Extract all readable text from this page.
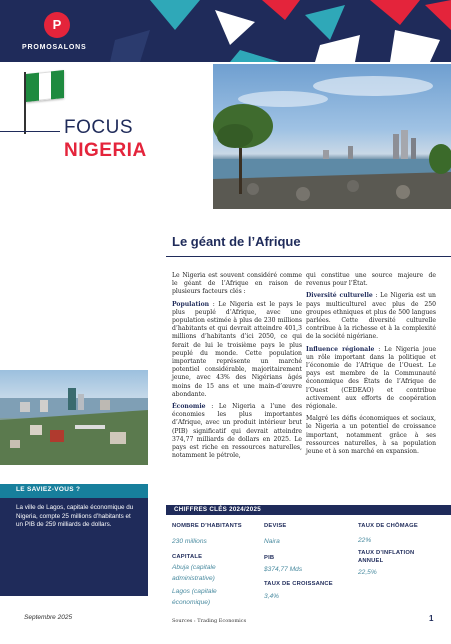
P
PROMOSALONS
FOCUS
NIGERIA
LE SAVIEZ-VOUS ?
La ville de Lagos, capitale économique du Nigeria, compte 25 millions d’habitants et un PIB de 259 milliards de dollars.
Septembre 2025
Le géant de l’Afrique

Le Nigeria est souvent considéré comme le géant de l’Afrique en raison de plusieurs facteurs clés :

Population : Le Nigeria est le pays le plus peuplé d’Afrique, avec une population estimée à plus de 230 millions d’habitants et qui devrait atteindre 401,3 millions d’habitants d’ici 2050, ce qui ferait de lui le troisième pays le plus peuplé du monde. Cette population importante représente un marché potentiel considérable, majoritairement jeune, avec 43% des Nigérians âgés moins de 15 ans et une main-d’œuvre abondante.

Économie : Le Nigeria a l’une des économies les plus importantes d’Afrique, avec un produit intérieur brut (PIB) significatif qui devrait atteindre 374,77 milliards de dollars en 2025. Le pays est riche en ressources naturelles, notamment le pétrole,

qui constitue une source majeure de revenus pour l’État.

Diversité culturelle : Le Nigeria est un pays multiculturel avec plus de 250 groupes ethniques et plus de 500 langues parlées. Cette diversité culturelle contribue à la richesse et à la complexité de la société nigériane.

Influence régionale : Le Nigeria joue un rôle important dans la politique et l’économie de l’Afrique de l’Ouest. Le pays est membre de la Communauté économique des États de l’Afrique de l’Ouest (CEDEAO) et contribue activement aux efforts de coopération régionale.

Malgré les défis économiques et sociaux, le Nigeria a un potentiel de croissance important, notamment grâce à ses ressources naturelles, à sa population jeune et à son marché en expansion.

CHIFFRES CLÉS 2024/2025
NOMBRE D’HABITANTS
230 millions
CAPITALE
Abuja (capitale
administrative)
Lagos (capitale
économique)
DEVISE
Naira
PIB
$374,77 Mds
TAUX DE CROISSANCE
3,4%
TAUX DE CHÔMAGE
22%
TAUX D’INFLATION
ANNUEL
22,5%
Sources : Trading Economics	1
